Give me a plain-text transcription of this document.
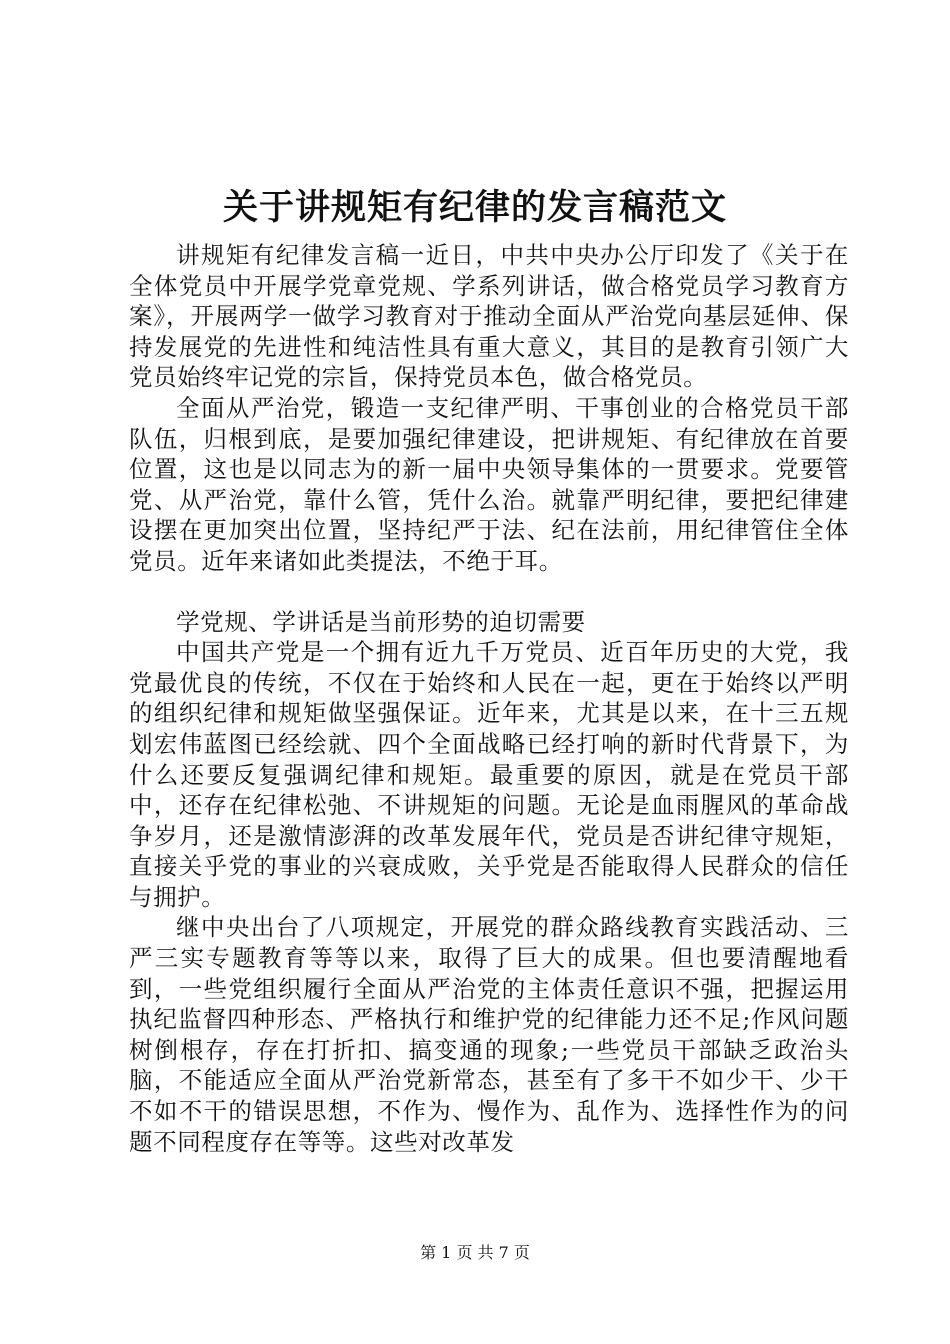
关于讲规矩有纪律的发言稿范文

讲规矩有纪律发言稿一近日，中共中央办公厅印发了《关于在全体党员中开展学党章党规、学系列讲话，做合格党员学习教育方案》，开展两学一做学习教育对于推动全面从严治党向基层延伸、保持发展党的先进性和纯洁性具有重大意义，其目的是教育引领广大党员始终牢记党的宗旨，保持党员本色，做合格党员。

全面从严治党，锻造一支纪律严明、干事创业的合格党员干部队伍，归根到底，是要加强纪律建设，把讲规矩、有纪律放在首要位置，这也是以同志为的新一届中央领导集体的一贯要求。党要管党、从严治党，靠什么管，凭什么治。就靠严明纪律，要把纪律建设摆在更加突出位置，坚持纪严于法、纪在法前，用纪律管住全体党员。近年来诸如此类提法，不绝于耳。

学党规、学讲话是当前形势的迫切需要

中国共产党是一个拥有近九千万党员、近百年历史的大党，我党最优良的传统，不仅在于始终和人民在一起，更在于始终以严明的组织纪律和规矩做坚强保证。近年来，尤其是以来，在十三五规划宏伟蓝图已经绘就、四个全面战略已经打响的新时代背景下，为什么还要反复强调纪律和规矩。最重要的原因，就是在党员干部中，还存在纪律松弛、不讲规矩的问题。无论是血雨腥风的革命战争岁月，还是激情澎湃的改革发展年代，党员是否讲纪律守规矩，直接关乎党的事业的兴衰成败，关乎党是否能取得人民群众的信任与拥护。

继中央出台了八项规定，开展党的群众路线教育实践活动、三严三实专题教育等等以来，取得了巨大的成果。但也要清醒地看到，一些党组织履行全面从严治党的主体责任意识不强，把握运用执纪监督四种形态、严格执行和维护党的纪律能力还不足;作风问题树倒根存，存在打折扣、搞变通的现象;一些党员干部缺乏政治头脑，不能适应全面从严治党新常态，甚至有了多干不如少干、少干不如不干的错误思想，不作为、慢作为、乱作为、选择性作为的问题不同程度存在等等。这些对改革发

第 1 页 共 7 页
